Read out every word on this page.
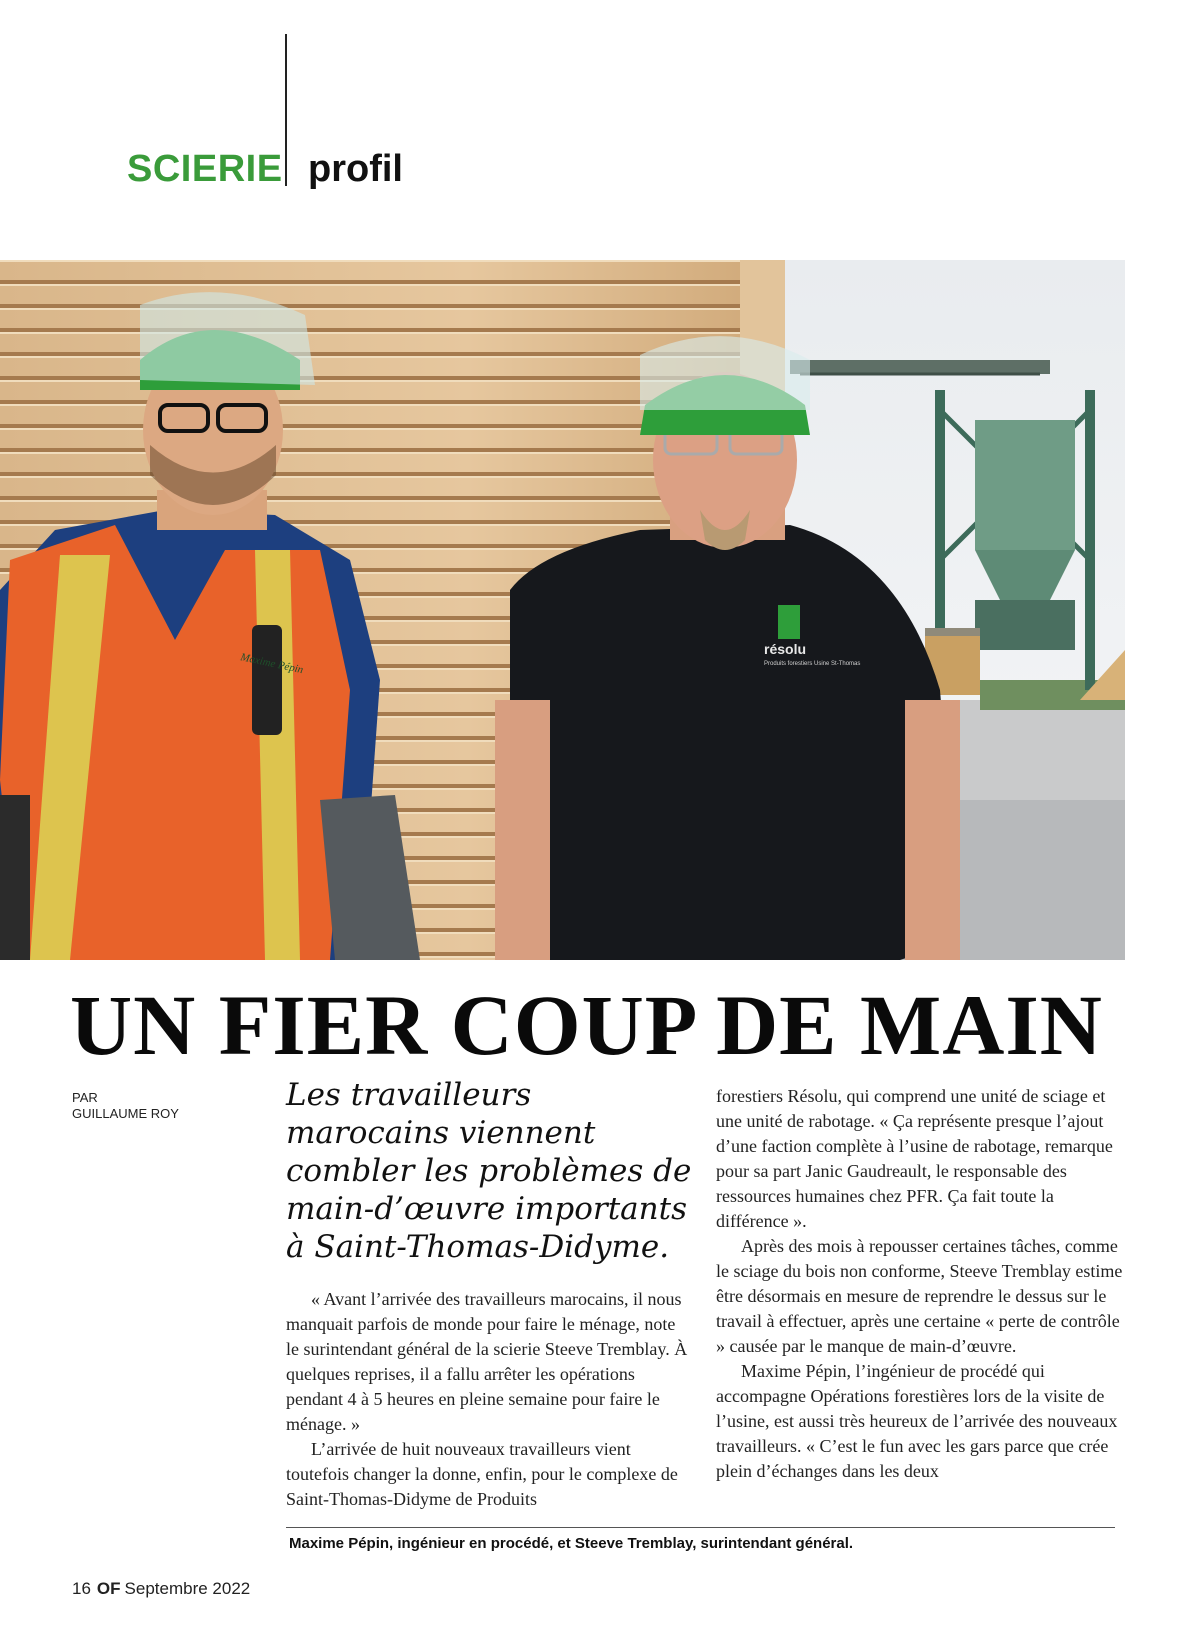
SCIERIE profil
Maxime Pépin
résolu
Produits forestiers Usine St-Thomas
UN FIER COUP DE MAIN
PAR
GUILLAUME ROY

Les travailleurs marocains viennent combler les problèmes de main-d’œuvre importants à Saint-Thomas-Didyme.

« Avant l’arrivée des travailleurs marocains, il nous manquait parfois de monde pour faire le ménage, note le surintendant général de la scierie Steeve Tremblay. À quelques reprises, il a fallu arrêter les opérations pendant 4 à 5 heures en pleine semaine pour faire le ménage. »

L’arrivée de huit nouveaux travailleurs vient toutefois changer la donne, enfin, pour le complexe de Saint-Thomas-Didyme de Produits

forestiers Résolu, qui comprend une unité de sciage et une unité de rabotage. « Ça représente presque l’ajout d’une faction complète à l’usine de rabotage, remarque pour sa part Janic Gaudreault, le responsable des ressources humaines chez PFR. Ça fait toute la différence ».

Après des mois à repousser certaines tâches, comme le sciage du bois non conforme, Steeve Tremblay estime être désormais en mesure de reprendre le dessus sur le travail à effectuer, après une certaine « perte de contrôle » causée par le manque de main-d’œuvre.

Maxime Pépin, l’ingénieur de procédé qui accompagne Opérations forestières lors de la visite de l’usine, est aussi très heureux de l’arrivée des nouveaux travailleurs. « C’est le fun avec les gars parce que crée plein d’échanges dans les deux

Maxime Pépin, ingénieur en procédé, et Steeve Tremblay, surintendant général.
16 OF Septembre 2022
